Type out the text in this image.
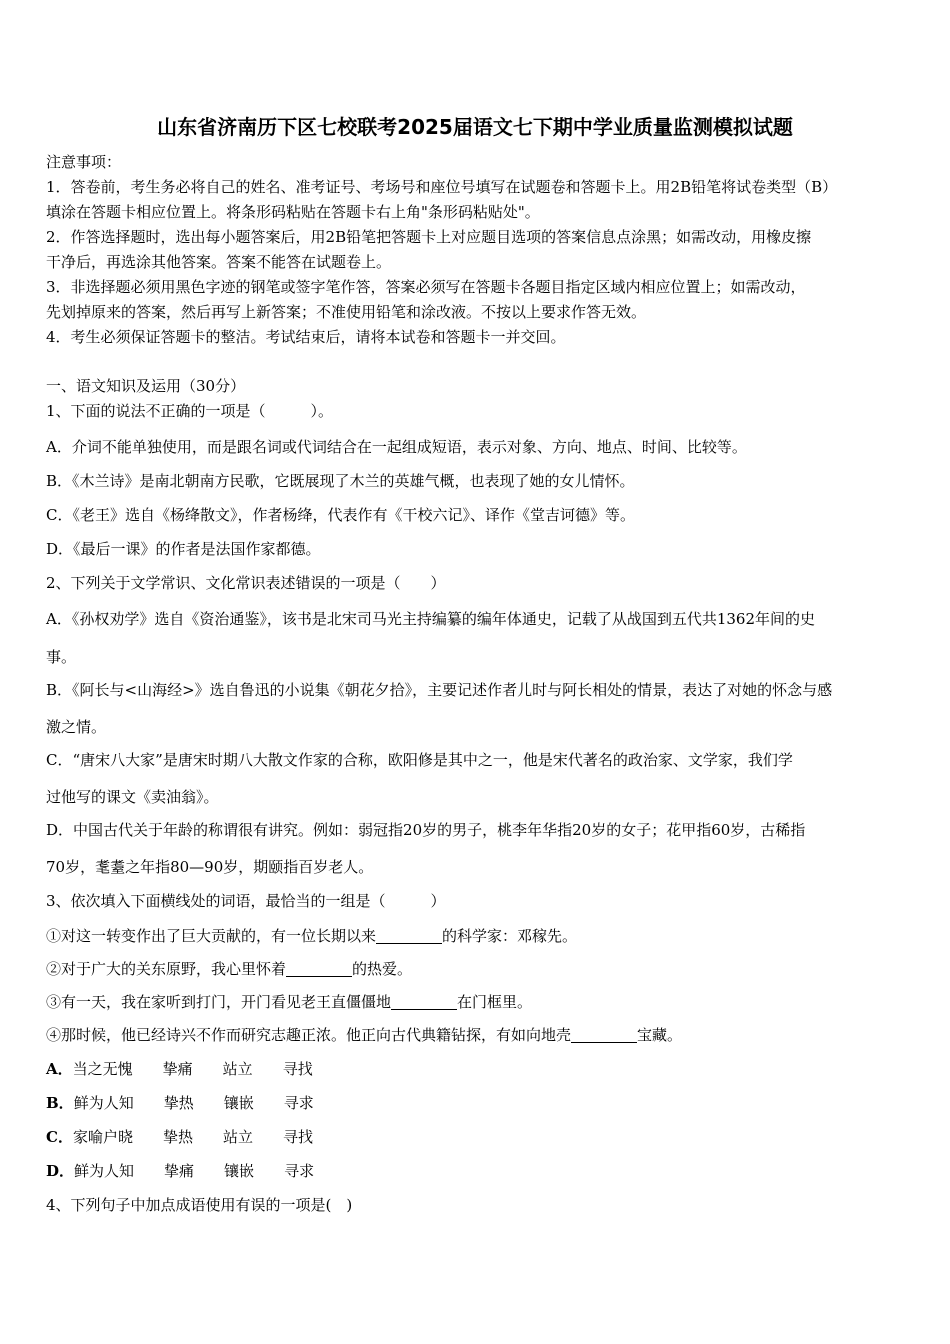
山东省济南历下区七校联考2025届语文七下期中学业质量监测模拟试题
注意事项：
1．答卷前，考生务必将自己的姓名、准考证号、考场号和座位号填写在试题卷和答题卡上。用2B铅笔将试卷类型（B）
填涂在答题卡相应位置上。将条形码粘贴在答题卡右上角"条形码粘贴处"。
2．作答选择题时，选出每小题答案后，用2B铅笔把答题卡上对应题目选项的答案信息点涂黑；如需改动，用橡皮擦
干净后，再选涂其他答案。答案不能答在试题卷上。
3．非选择题必须用黑色字迹的钢笔或签字笔作答，答案必须写在答题卡各题目指定区域内相应位置上；如需改动，
先划掉原来的答案，然后再写上新答案；不准使用铅笔和涂改液。不按以上要求作答无效。
4．考生必须保证答题卡的整洁。考试结束后，请将本试卷和答题卡一并交回。
一、语文知识及运用（30分）
1、下面的说法不正确的一项是（　　　）。
A．介词不能单独使用，而是跟名词或代词结合在一起组成短语，表示对象、方向、地点、时间、比较等。
B．《木兰诗》是南北朝南方民歌，它既展现了木兰的英雄气概，也表现了她的女儿情怀。
C．《老王》选自《杨绛散文》，作者杨绛，代表作有《干校六记》、译作《堂吉诃德》等。
D．《最后一课》的作者是法国作家都德。
2、下列关于文学常识、文化常识表述错误的一项是（　　）
A．《孙权劝学》选自《资治通鉴》，该书是北宋司马光主持编纂的编年体通史，记载了从战国到五代共1362年间的史
事。
B．《阿长与<山海经>》选自鲁迅的小说集《朝花夕拾》，主要记述作者儿时与阿长相处的情景，表达了对她的怀念与感
激之情。
C．“唐宋八大家”是唐宋时期八大散文作家的合称，欧阳修是其中之一，他是宋代著名的政治家、文学家，我们学
过他写的课文《卖油翁》。
D．中国古代关于年龄的称谓很有讲究。例如：弱冠指20岁的男子，桃李年华指20岁的女子；花甲指60岁，古稀指
70岁，耄耋之年指80—90岁，期颐指百岁老人。
3、依次填入下面横线处的词语，最恰当的一组是（　　　）
①对这一转变作出了巨大贡献的，有一位长期以来	的科学家：邓稼先。
②对于广大的关东原野，我心里怀着	的热爱。
③有一天，我在家听到打门，开门看见老王直僵僵地	在门框里。
④那时候，他已经诗兴不作而研究志趣正浓。他正向古代典籍钻探，有如向地壳	宝藏。
A．当之无愧 挚痛 站立 寻找
B．鲜为人知 挚热 镶嵌 寻求
C．家喻户晓 挚热 站立 寻找
D．鲜为人知 挚痛 镶嵌 寻求
4、下列句子中加点成语使用有误的一项是(　)
